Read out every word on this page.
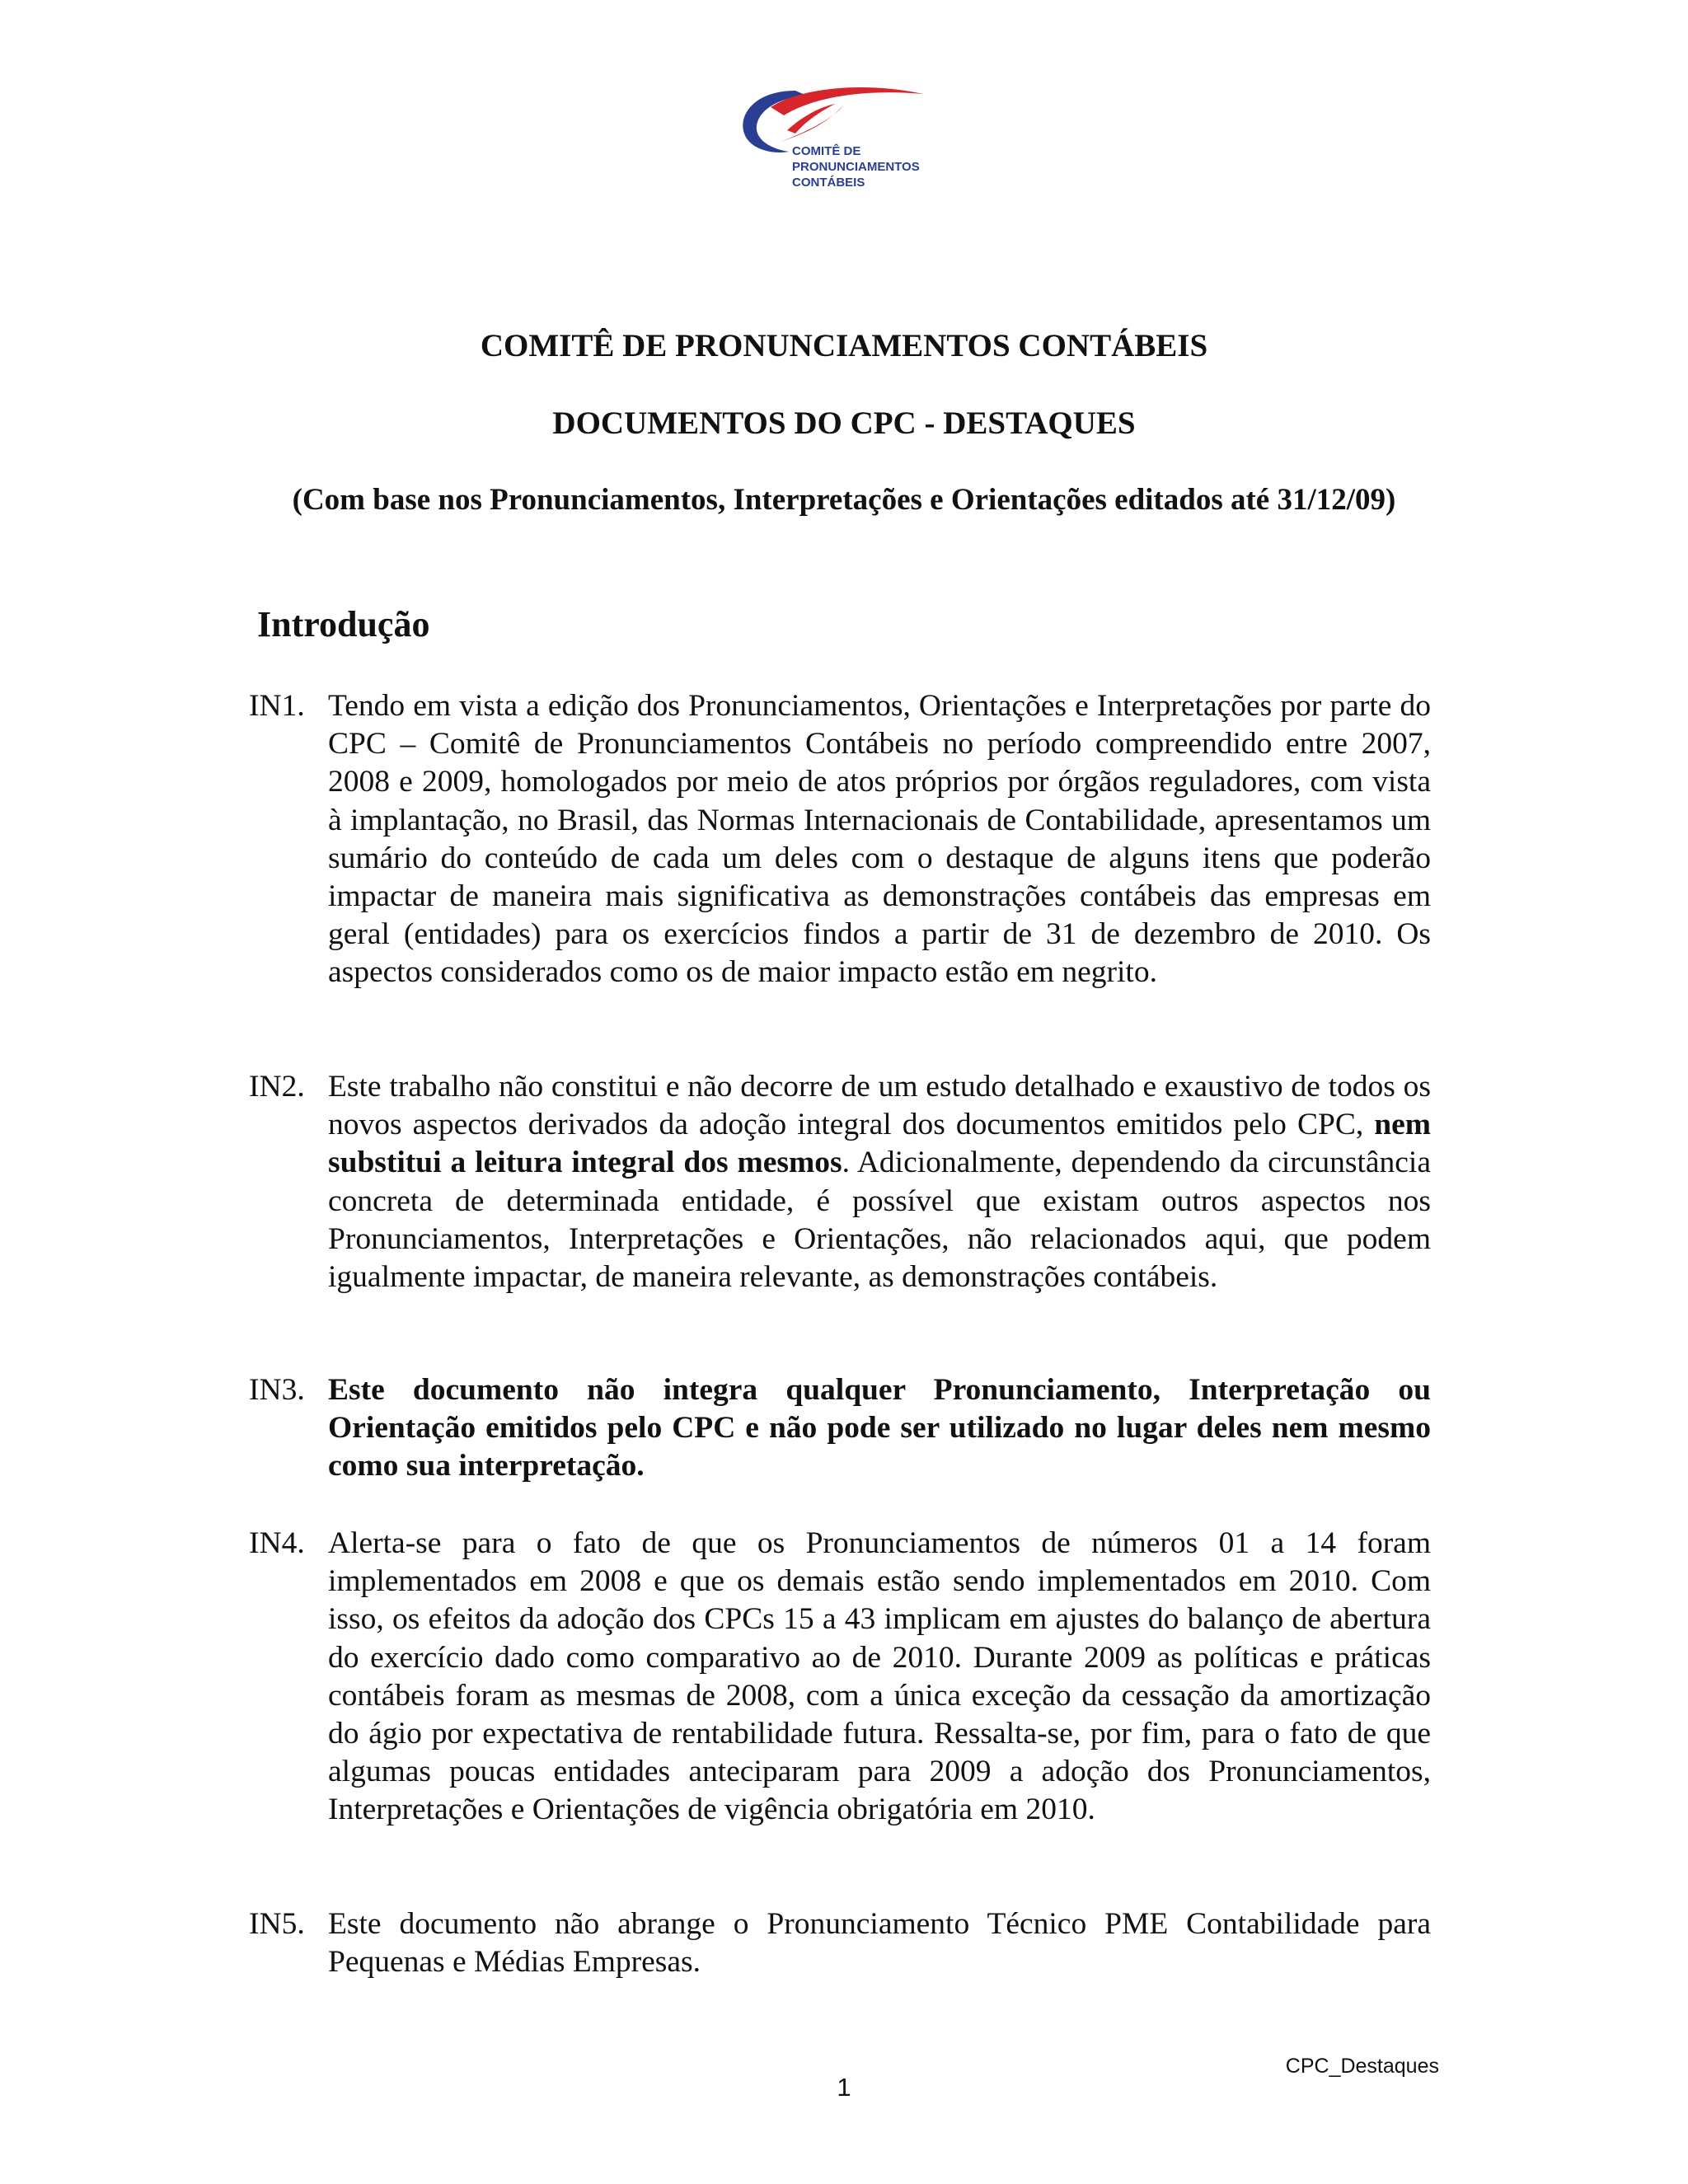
COMITÊ DE
PRONUNCIAMENTOS
CONTÁBEIS
COMITÊ DE PRONUNCIAMENTOS CONTÁBEIS
DOCUMENTOS DO CPC - DESTAQUES
(Com base nos Pronunciamentos, Interpretações e Orientações editados até 31/12/09)
Introdução
IN1. Tendo em vista a edição dos Pronunciamentos, Orientações e Interpretações por parte do CPC – Comitê de Pronunciamentos Contábeis no período compreendido entre 2007, 2008 e 2009, homologados por meio de atos próprios por órgãos reguladores, com vista à implantação, no Brasil, das Normas Internacionais de Contabilidade, apresentamos um sumário do conteúdo de cada um deles com o destaque de alguns itens que poderão impactar de maneira mais significativa as demonstrações contábeis das empresas em geral (entidades) para os exercícios findos a partir de 31 de dezembro de 2010. Os aspectos considerados como os de maior impacto estão em negrito.
IN2. Este trabalho não constitui e não decorre de um estudo detalhado e exaustivo de todos os novos aspectos derivados da adoção integral dos documentos emitidos pelo CPC, nem substitui a leitura integral dos mesmos. Adicionalmente, dependendo da circunstância concreta de determinada entidade, é possível que existam outros aspectos nos Pronunciamentos, Interpretações e Orientações, não relacionados aqui, que podem igualmente impactar, de maneira relevante, as demonstrações contábeis.
IN3. Este documento não integra qualquer Pronunciamento, Interpretação ou Orientação emitidos pelo CPC e não pode ser utilizado no lugar deles nem mesmo como sua interpretação.
IN4. Alerta-se para o fato de que os Pronunciamentos de números 01 a 14 foram implementados em 2008 e que os demais estão sendo implementados em 2010. Com isso, os efeitos da adoção dos CPCs 15 a 43 implicam em ajustes do balanço de abertura do exercício dado como comparativo ao de 2010. Durante 2009 as políticas e práticas contábeis foram as mesmas de 2008, com a única exceção da cessação da amortização do ágio por expectativa de rentabilidade futura. Ressalta-se, por fim, para o fato de que algumas poucas entidades anteciparam para 2009 a adoção dos Pronunciamentos, Interpretações e Orientações de vigência obrigatória em 2010.
IN5. Este documento não abrange o Pronunciamento Técnico PME Contabilidade para Pequenas e Médias Empresas.
CPC_Destaques
1
